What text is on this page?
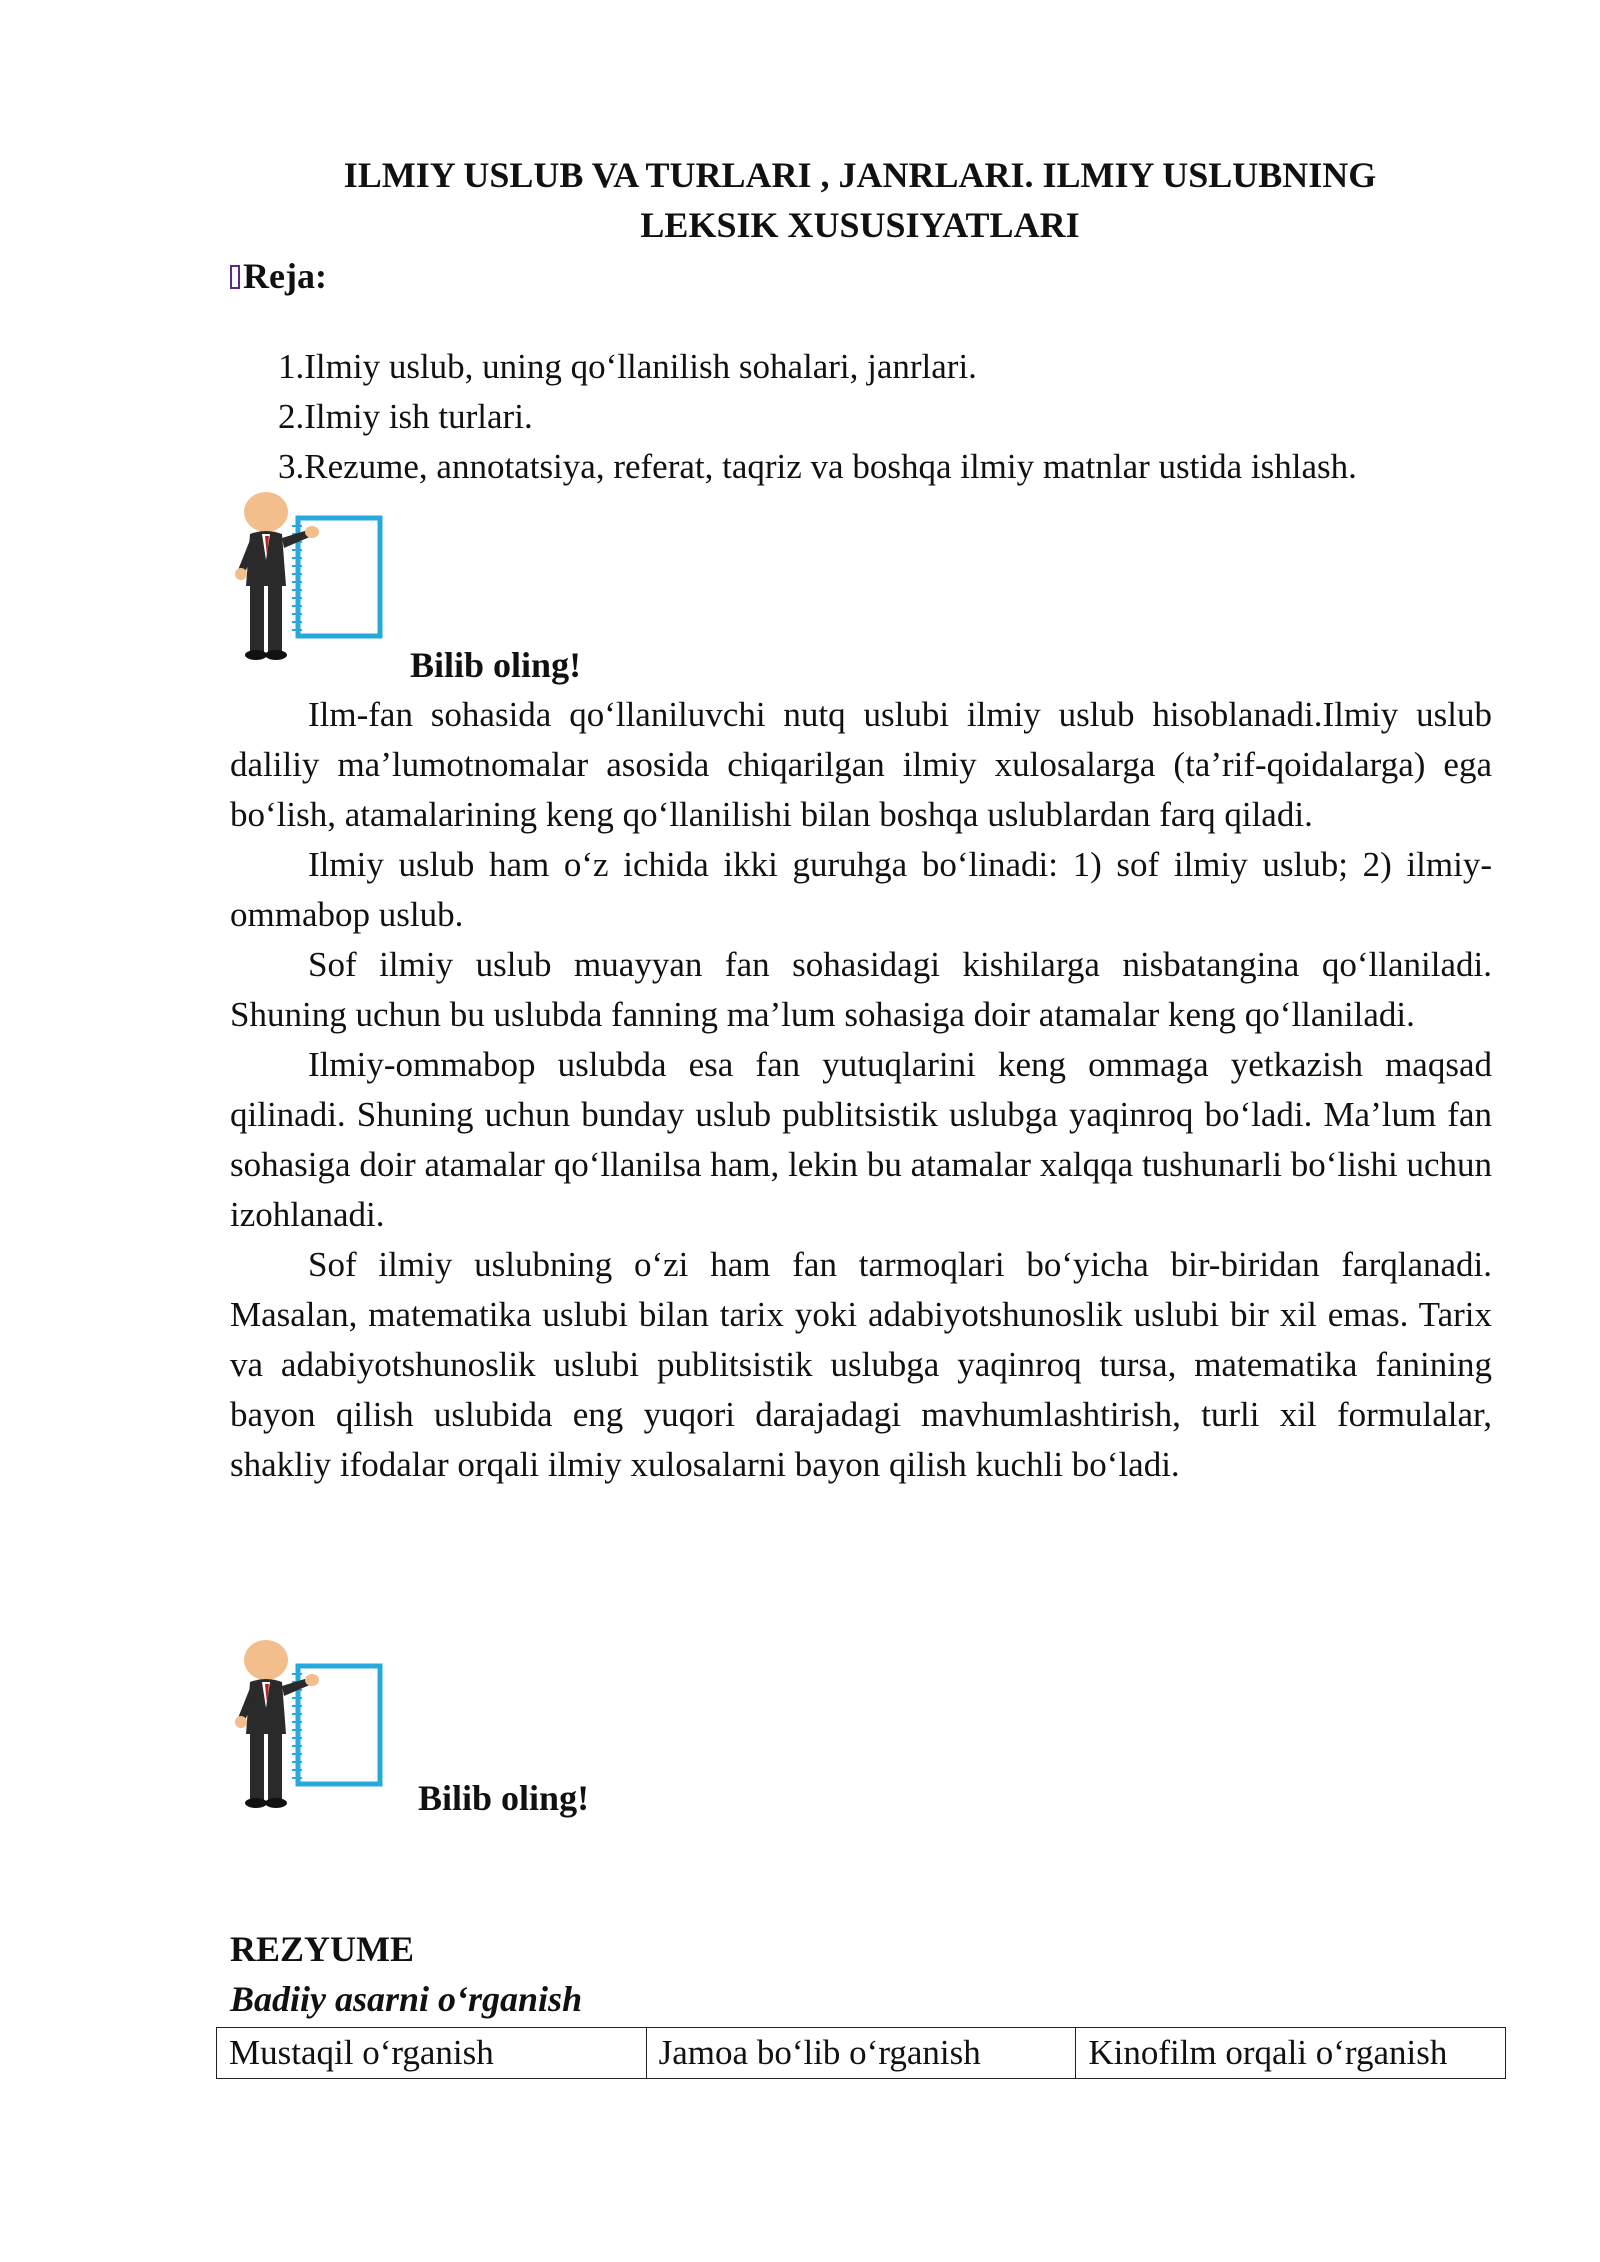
ILMIY USLUB VA TURLARI , JANRLARI. ILMIY USLUBNING
LEKSIK XUSUSIYATLARI
Reja:
1.Ilmiy uslub, uning qo‘llanilish sohalari, janrlari.
2.Ilmiy ish turlari.
3.Rezume, annotatsiya, referat, taqriz va boshqa ilmiy matnlar ustida ishlash.
Bilib oling!

Ilm-fan sohasida qo‘llaniluvchi nutq uslubi ilmiy uslub hisoblanadi.Ilmiy uslub daliliy ma’lumotnomalar asosida chiqarilgan ilmiy xulosalarga (ta’rif-qoidalarga) ega bo‘lish, atamalarining keng qo‘llanilishi bilan boshqa uslublardan farq qiladi.

Ilmiy uslub ham o‘z ichida ikki guruhga bo‘linadi: 1) sof ilmiy uslub; 2) ilmiy-ommabop uslub.

Sof ilmiy uslub muayyan fan sohasidagi kishilarga nisbatangina qo‘llaniladi. Shuning uchun bu uslubda fanning ma’lum sohasiga doir atamalar keng qo‘llaniladi.

Ilmiy-ommabop uslubda esa fan yutuqlarini keng ommaga yetkazish maqsad qilinadi. Shuning uchun bunday uslub publitsistik uslubga yaqinroq bo‘ladi. Ma’lum fan sohasiga doir atamalar qo‘llanilsa ham, lekin bu atamalar xalqqa tushunarli bo‘lishi uchun izohlanadi.

Sof ilmiy uslubning o‘zi ham fan tarmoqlari bo‘yicha bir-biridan farqlanadi. Masalan, matematika uslubi bilan tarix yoki adabiyotshunoslik uslubi bir xil emas. Tarix va adabiyotshunoslik uslubi publitsistik uslubga yaqinroq tursa, matematika fanining bayon qilish uslubida eng yuqori darajadagi mavhumlashtirish, turli xil formulalar, shakliy ifodalar orqali ilmiy xulosalarni bayon qilish kuchli bo‘ladi.

Bilib oling!
REZYUME
Badiiy asarni o‘rganish
Mustaqil o‘rganish	Jamoa bo‘lib o‘rganish	Kinofilm orqali o‘rganish
